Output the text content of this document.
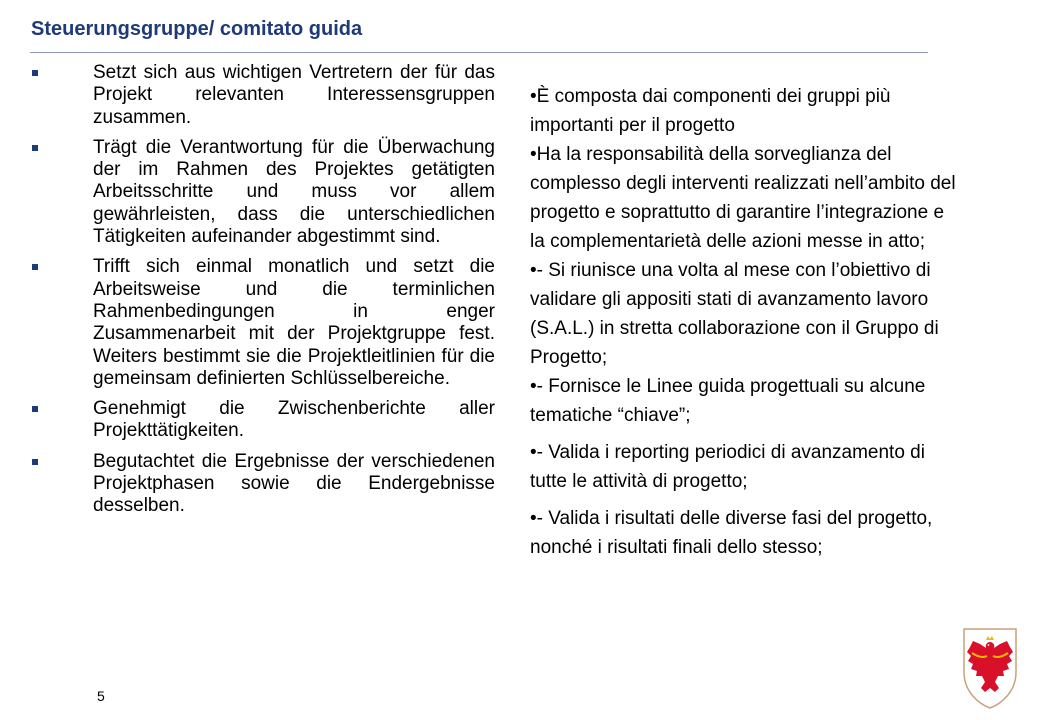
Steuerungsgruppe/ comitato guida
Setzt sich aus wichtigen Vertretern der für das Projekt relevanten Interessensgruppen zusammen.
Trägt die Verantwortung für die Überwachung der im Rahmen des Projektes getätigten Arbeitsschritte und muss vor allem gewährleisten, dass die unterschiedlichen Tätigkeiten aufeinander abgestimmt sind.
Trifft sich einmal monatlich und setzt die Arbeitsweise und die terminlichen Rahmenbedingungen in enger Zusammenarbeit mit der Projektgruppe fest. Weiters bestimmt sie die Projektleitlinien für die gemeinsam definierten Schlüsselbereiche.
Genehmigt die Zwischenberichte aller Projekttätigkeiten.
Begutachtet die Ergebnisse der verschiedenen Projektphasen sowie die Endergebnisse desselben.

•È composta dai componenti dei gruppi più importanti per il progetto

•Ha la responsabilità della sorveglianza del complesso degli interventi realizzati nell’ambito del progetto e soprattutto di garantire l’integrazione e la complementarietà delle azioni messe in atto;

•- Si riunisce una volta al mese con l’obiettivo di validare gli appositi stati di avanzamento lavoro (S.A.L.) in stretta collaborazione con il Gruppo di Progetto;

•- Fornisce le Linee guida progettuali su alcune tematiche “chiave”;

•- Valida i reporting periodici di avanzamento di tutte le attività di progetto;

•- Valida i risultati delle diverse fasi del progetto, nonché i risultati finali dello stesso;

5
